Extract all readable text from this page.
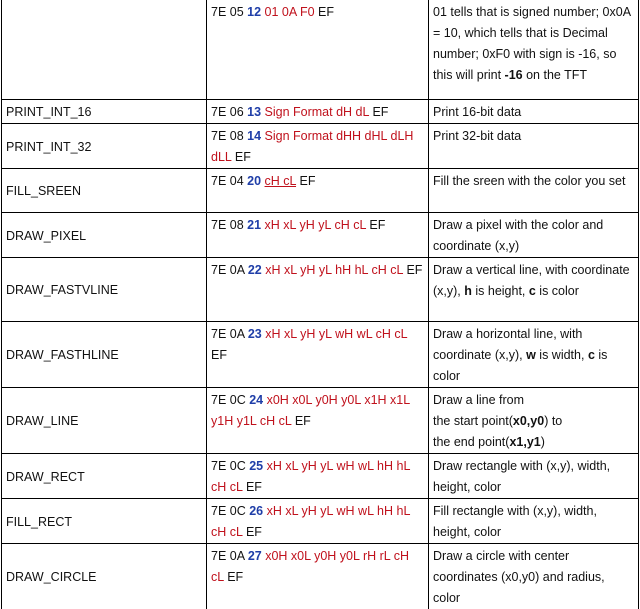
	7E 05 12 01 0A F0 EF	01 tells that is signed number; 0x0A = 10, which tells that is Decimal number; 0xF0 with sign is -16, so this will print -16 on the TFT
PRINT_INT_16	7E 06 13 Sign Format dH dL EF	Print 16-bit data
PRINT_INT_32	7E 08 14 Sign Format dHH dHL dLH dLL EF	Print 32-bit data
FILL_SREEN	7E 04 20 cH cL EF	Fill the sreen with the color you set
DRAW_PIXEL	7E 08 21 xH xL yH yL cH cL EF	Draw a pixel with the color and coordinate (x,y)
DRAW_FASTVLINE	7E 0A 22 xH xL yH yL hH hL cH cL EF	Draw a vertical line, with coordinate (x,y), h is height, c is color
DRAW_FASTHLINE	7E 0A 23 xH xL yH yL wH wL cH cL EF	Draw a horizontal line, with coordinate (x,y), w is width, c is color
DRAW_LINE	7E 0C 24 x0H x0L y0H y0L x1H x1L y1H y1L cH cL EF	Draw a line from
the start point(x0,y0) to
the end point(x1,y1)
DRAW_RECT	7E 0C 25 xH xL yH yL wH wL hH hL cH cL EF	Draw rectangle with (x,y), width, height, color
FILL_RECT	7E 0C 26 xH xL yH yL wH wL hH hL cH cL EF	Fill rectangle with (x,y), width, height, color
DRAW_CIRCLE	7E 0A 27 x0H x0L y0H y0L rH rL cH cL EF	Draw a circle with center coordinates (x0,y0) and radius, color
